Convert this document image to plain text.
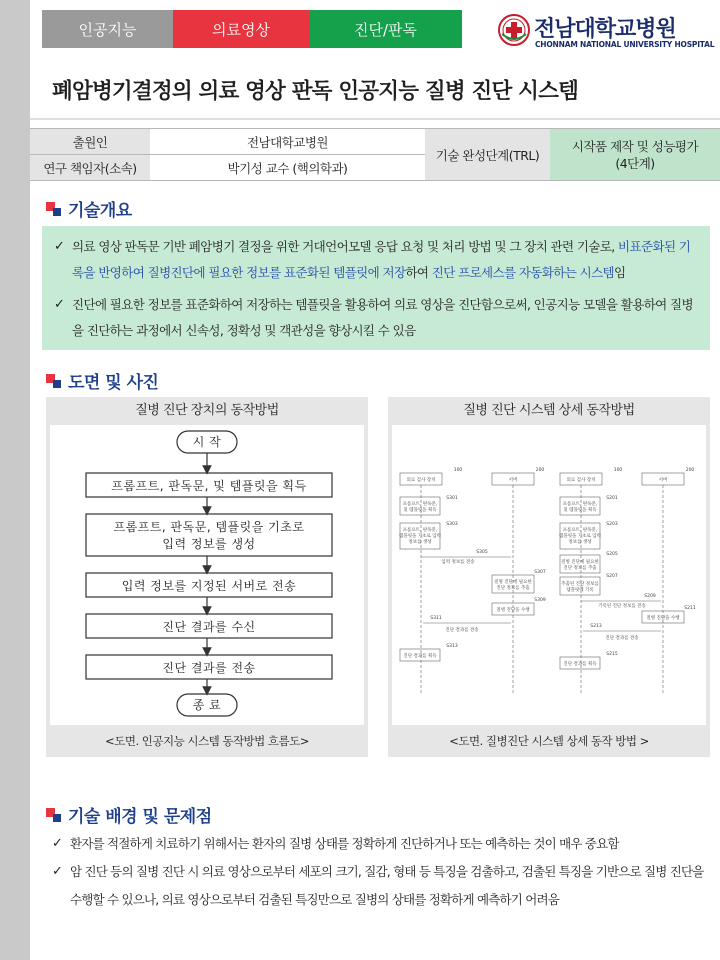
인공지능	의료영상	진단/판독	전남대학교병원
CHONNAM NATIONAL UNIVERSITY HOSPITAL
폐암병기결정의 의료 영상 판독 인공지능 질병 진단 시스템
출원인	전남대학교병원	기술 완성단계(TRL)	시작품 제작 및 성능평가
(4단계)

연구 책임자(소속)	박기성 교수 (핵의학과)		
기술개요
✓ 의료 영상 판독문 기반 폐암병기 결정을 위한 거대언어모델 응답 요청 및 처리 방법 및 그 장치 관련 기술로, 비표준화된 기록을 반영하여 질병진단에 필요한 정보를 표준화된 템플릿에 저장하여 진단 프로세스를 자동화하는 시스템임
✓ 진단에 필요한 정보를 표준화하여 저장하는 템플릿을 활용하여 의료 영상을 진단함으로써, 인공지능 모델을 활용하여 질병을 진단하는 과정에서 신속성, 정확성 및 객관성을 향상시킬 수 있음
도면 및 사진
질병 진단 장치의 동작방법
시 작
프롬프트, 판독문, 및 템플릿을 획득
프롬프트, 판독문, 템플릿을 기초로
입력 정보를 생성
입력 정보를 지정된 서버로 전송
진단 결과를 수신
진단 결과를 전송
종 료
<도면. 인공지능 시스템 동작방법 흐름도>
질병 진단 시스템 상세 동작방법
의료 검사 장치	서버
100	200
프롬프트, 판독문,
및 템플릿을 획득
S301
프롬프트, 판독문,
템플릿을 기초로 입력
정보를 생성
S303
입력 정보를 전송
S305
질병 진단에 필요한
진단 정보를 추출
S307
질병 진단을 수행
S309
진단 결과를 전송
S311
진단 결과를 획득
S313
의료 검사 장치	서버
100	200
프롬프트, 판독문,
및 템플릿을 획득
S201
프롬프트, 판독문,
템플릿을 기초로 입력
정보를 생성
S203
질병 진단에 필요한
진단 정보를 추출
S205
추출된 진단 정보를
템플릿에 기록
S207
기록된 진단 정보를 전송
S209
질병 진단을 수행
S211
진단 결과를 전송
S213
진단 결과를 획득
S215
<도면. 질병진단 시스템 상세 동작 방법 >
기술 배경 및 문제점
✓ 환자를 적절하게 치료하기 위해서는 환자의 질병 상태를 정확하게 진단하거나 또는 예측하는 것이 매우 중요함
✓ 암 진단 등의 질병 진단 시 의료 영상으로부터 세포의 크기, 질감, 형태 등 특징을 검출하고, 검출된 특징을 기반으로 질병 진단을 수행할 수 있으나, 의료 영상으로부터 검출된 특징만으로 질병의 상태를 정확하게 예측하기 어려움
